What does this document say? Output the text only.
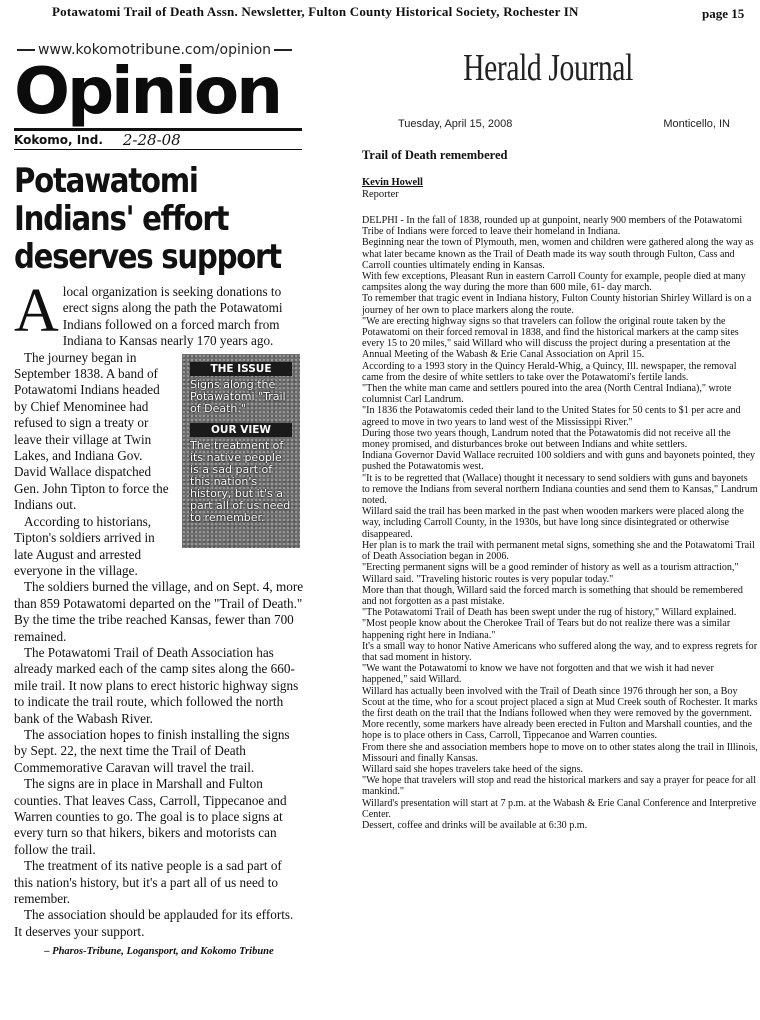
Potawatomi Trail of Death Assn. Newsletter, Fulton County Historical Society, Rochester IN	page 15
www.kokomotribune.com/opinion
Opinion
Kokomo, Ind. 2-28-08
Potawatomi Indians' effort deserves support

Alocal organization is seeking donations to erect signs along the path the Potawatomi Indians followed on a forced march from Indiana to Kansas nearly 170 years ago.

THE ISSUE
Signs along the Potawatomi "Trail of Death."
OUR VIEW
The treatment of its native people is a sad part of this nation's history, but it's a part all of us need to remember.

The journey began in September 1838. A band of Potawatomi Indians headed by Chief Menominee had refused to sign a treaty or leave their village at Twin Lakes, and Indiana Gov. David Wallace dispatched Gen. John Tipton to force the Indians out.

According to historians, Tipton's soldiers arrived in late August and arrested everyone in the village.

The soldiers burned the village, and on Sept. 4, more than 859 Potawatomi departed on the "Trail of Death." By the time the tribe reached Kansas, fewer than 700 remained.

The Potawatomi Trail of Death Association has already marked each of the camp sites along the 660-mile trail. It now plans to erect historic highway signs to indicate the trail route, which followed the north bank of the Wabash River.

The association hopes to finish installing the signs by Sept. 22, the next time the Trail of Death Commemorative Caravan will travel the trail.

The signs are in place in Marshall and Fulton counties. That leaves Cass, Carroll, Tippecanoe and Warren counties to go. The goal is to place signs at every turn so that hikers, bikers and motorists can follow the trail.

The treatment of its native people is a sad part of this nation's history, but it's a part all of us need to remember.

The association should be applauded for its efforts. It deserves your support.

– Pharos-Tribune, Logansport, and Kokomo Tribune
Herald Journal
Tuesday, April 15, 2008	Monticello, IN
Trail of Death remembered
Kevin Howell
Reporter

DELPHI - In the fall of 1838, rounded up at gunpoint, nearly 900 members of the Potawatomi Tribe of Indians were forced to leave their homeland in Indiana.

Beginning near the town of Plymouth, men, women and children were gathered along the way as what later became known as the Trail of Death made its way south through Fulton, Cass and Carroll counties ultimately ending in Kansas.

With few exceptions, Pleasant Run in eastern Carroll County for example, people died at many campsites along the way during the more than 600 mile, 61- day march.

To remember that tragic event in Indiana history, Fulton County historian Shirley Willard is on a journey of her own to place markers along the route.

"We are erecting highway signs so that travelers can follow the original route taken by the Potawatomi on their forced removal in 1838, and find the historical markers at the camp sites every 15 to 20 miles," said Willard who will discuss the project during a presentation at the Annual Meeting of the Wabash & Erie Canal Association on April 15.

According to a 1993 story in the Quincy Herald-Whig, a Quincy, Ill. newspaper, the removal came from the desire of white settlers to take over the Potawatomi's fertile lands.

"Then the white man came and settlers poured into the area (North Central Indiana)," wrote columnist Carl Landrum.

"In 1836 the Potawatomis ceded their land to the United States for 50 cents to $1 per acre and agreed to move in two years to land west of the Mississippi River."

During those two years though, Landrum noted that the Potawatomis did not receive all the money promised, and disturbances broke out between Indians and white settlers.

Indiana Governor David Wallace recruited 100 soldiers and with guns and bayonets pointed, they pushed the Potawatomis west.

"It is to be regretted that (Wallace) thought it necessary to send soldiers with guns and bayonets to remove the Indians from several northern Indiana counties and send them to Kansas," Landrum noted.

Willard said the trail has been marked in the past when wooden markers were placed along the way, including Carroll County, in the 1930s, but have long since disintegrated or otherwise disappeared.

Her plan is to mark the trail with permanent metal signs, something she and the Potawatomi Trail of Death Association began in 2006.

"Erecting permanent signs will be a good reminder of history as well as a tourism attraction," Willard said. "Traveling historic routes is very popular today."

More than that though, Willard said the forced march is something that should be remembered and not forgotten as a past mistake.

"The Potawatomi Trail of Death has been swept under the rug of history," Willard explained. "Most people know about the Cherokee Trail of Tears but do not realize there was a similar happening right here in Indiana."

It's a small way to honor Native Americans who suffered along the way, and to express regrets for that sad moment in history.

"We want the Potawatomi to know we have not forgotten and that we wish it had never happened," said Willard.

Willard has actually been involved with the Trail of Death since 1976 through her son, a Boy Scout at the time, who for a scout project placed a sign at Mud Creek south of Rochester. It marks the first death on the trail that the Indians followed when they were removed by the government.

More recently, some markers have already been erected in Fulton and Marshall counties, and the hope is to place others in Cass, Carroll, Tippecanoe and Warren counties.

From there she and association members hope to move on to other states along the trail in Illinois, Missouri and finally Kansas.

Willard said she hopes travelers take heed of the signs.

"We hope that travelers will stop and read the historical markers and say a prayer for peace for all mankind."

Willard's presentation will start at 7 p.m. at the Wabash & Erie Canal Conference and Interpretive Center.

Dessert, coffee and drinks will be available at 6:30 p.m.
